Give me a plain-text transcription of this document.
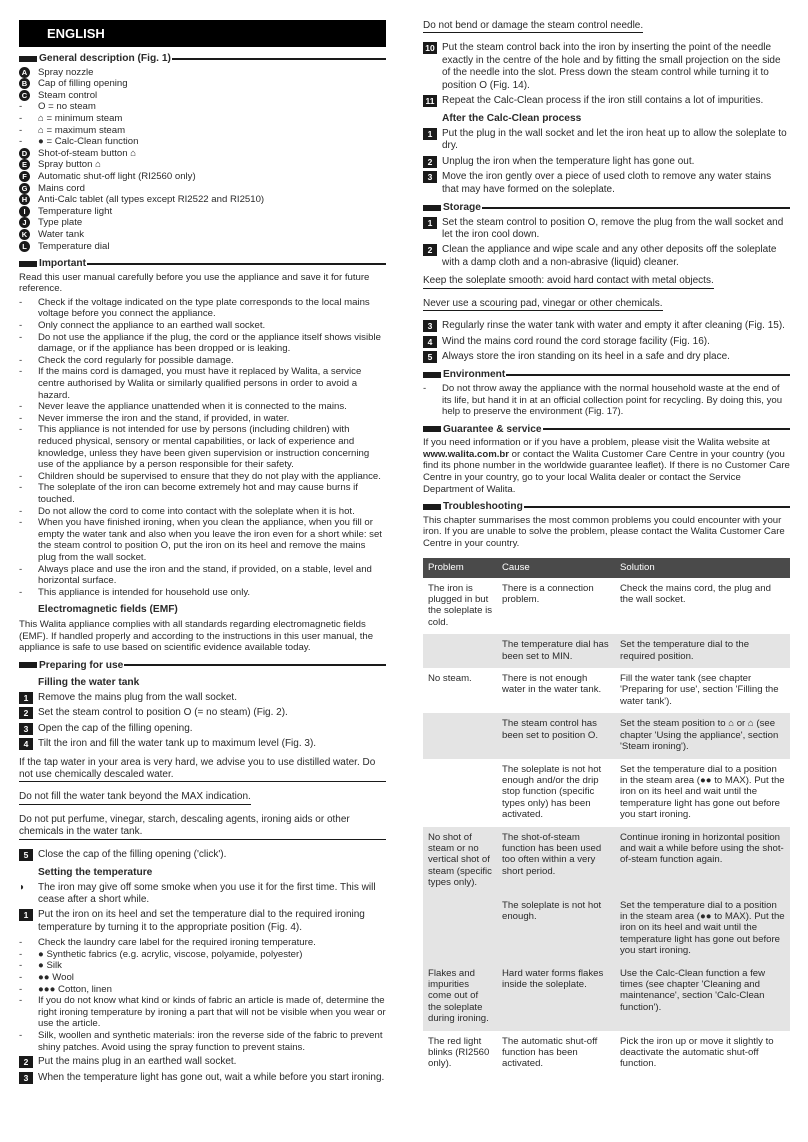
ENGLISH
General description (Fig. 1)
A	Spray nozzle
B	Cap of filling opening
C	Steam control
-	O = no steam
-	⌂ = minimum steam
-	⌂ = maximum steam
-	● = Calc-Clean function
D	Shot-of-steam button ⌂
E	Spray button ⌂
F	Automatic shut-off light (RI2560 only)
G	Mains cord
H	Anti-Calc tablet (all types except RI2522 and RI2510)
I	Temperature light
J	Type plate
K	Water tank
L	Temperature dial
Important
Read this user manual carefully before you use the appliance and save it for future reference.
-	Check if the voltage indicated on the type plate corresponds to the local mains voltage before you connect the appliance.
-	Only connect the appliance to an earthed wall socket.
-	Do not use the appliance if the plug, the cord or the appliance itself shows visible damage, or if the appliance has been dropped or is leaking.
-	Check the cord regularly for possible damage.
-	If the mains cord is damaged, you must have it replaced by Walita, a service centre authorised by Walita or similarly qualified persons in order to avoid a hazard.
-	Never leave the appliance unattended when it is connected to the mains.
-	Never immerse the iron and the stand, if provided, in water.
-	This appliance is not intended for use by persons (including children) with reduced physical, sensory or mental capabilities, or lack of experience and knowledge, unless they have been given supervision or instruction concerning use of the appliance by a person responsible for their safety.
-	Children should be supervised to ensure that they do not play with the appliance.
-	The soleplate of the iron can become extremely hot and may cause burns if touched.
-	Do not allow the cord to come into contact with the soleplate when it is hot.
-	When you have finished ironing, when you clean the appliance, when you fill or empty the water tank and also when you leave the iron even for a short while: set the steam control to position O, put the iron on its heel and remove the mains plug from the wall socket.
-	Always place and use the iron and the stand, if provided, on a stable, level and horizontal surface.
-	This appliance is intended for household use only.
Electromagnetic fields (EMF)
This Walita appliance complies with all standards regarding electromagnetic fields (EMF). If handled properly and according to the instructions in this user manual, the appliance is safe to use based on scientific evidence available today.
Preparing for use
Filling the water tank
1 Remove the mains plug from the wall socket.
2 Set the steam control to position O (= no steam) (Fig. 2).
3 Open the cap of the filling opening.
4 Tilt the iron and fill the water tank up to maximum level (Fig. 3).
If the tap water in your area is very hard, we advise you to use distilled water. Do not use chemically descaled water.
Do not fill the water tank beyond the MAX indication.
Do not put perfume, vinegar, starch, descaling agents, ironing aids or other chemicals in the water tank.
5 Close the cap of the filling opening ('click').
Setting the temperature
◗	The iron may give off some smoke when you use it for the first time. This will cease after a short while.
1 Put the iron on its heel and set the temperature dial to the required ironing temperature by turning it to the appropriate position (Fig. 4).
-	Check the laundry care label for the required ironing temperature.
-	● Synthetic fabrics (e.g. acrylic, viscose, polyamide, polyester)
-	● Silk
-	●● Wool
-	●●● Cotton, linen
-	If you do not know what kind or kinds of fabric an article is made of, determine the right ironing temperature by ironing a part that will not be visible when you wear or use the article.
-	Silk, woollen and synthetic materials: iron the reverse side of the fabric to prevent shiny patches. Avoid using the spray function to prevent stains.
2 Put the mains plug in an earthed wall socket.
3 When the temperature light has gone out, wait a while before you start ironing.
Do not bend or damage the steam control needle.
10 Put the steam control back into the iron by inserting the point of the needle exactly in the centre of the hole and by fitting the small projection on the side of the needle into the slot. Press down the steam control while turning it to position O (Fig. 14).
11 Repeat the Calc-Clean process if the iron still contains a lot of impurities.
After the Calc-Clean process
1 Put the plug in the wall socket and let the iron heat up to allow the soleplate to dry.
2 Unplug the iron when the temperature light has gone out.
3 Move the iron gently over a piece of used cloth to remove any water stains that may have formed on the soleplate.
Storage
1 Set the steam control to position O, remove the plug from the wall socket and let the iron cool down.
2 Clean the appliance and wipe scale and any other deposits off the soleplate with a damp cloth and a non-abrasive (liquid) cleaner.
Keep the soleplate smooth: avoid hard contact with metal objects.
Never use a scouring pad, vinegar or other chemicals.
3 Regularly rinse the water tank with water and empty it after cleaning (Fig. 15).
4 Wind the mains cord round the cord storage facility (Fig. 16).
5 Always store the iron standing on its heel in a safe and dry place.
Environment
-	Do not throw away the appliance with the normal household waste at the end of its life, but hand it in at an official collection point for recycling. By doing this, you help to preserve the environment (Fig. 17).
Guarantee & service
If you need information or if you have a problem, please visit the Walita website at www.walita.com.br or contact the Walita Customer Care Centre in your country (you find its phone number in the worldwide guarantee leaflet). If there is no Customer Care Centre in your country, go to your local Walita dealer or contact the Service Department of Walita.
Troubleshooting
This chapter summarises the most common problems you could encounter with your iron. If you are unable to solve the problem, please contact the Walita Customer Care Centre in your country.
Problem	Cause	Solution
The iron is plugged in but the soleplate is cold.	There is a connection problem.	Check the mains cord, the plug and the wall socket.
	The temperature dial has been set to MIN.	Set the temperature dial to the required position.
No steam.	There is not enough water in the water tank.	Fill the water tank (see chapter 'Preparing for use', section 'Filling the water tank').
	The steam control has been set to position O.	Set the steam position to ⌂ or ⌂ (see chapter 'Using the appliance', section 'Steam ironing').
	The soleplate is not hot enough and/or the drip stop function (specific types only) has been activated.	Set the temperature dial to a position in the steam area (●● to MAX). Put the iron on its heel and wait until the temperature light has gone out before you start ironing.
No shot of steam or no vertical shot of steam (specific types only).	The shot-of-steam function has been used too often within a very short period.	Continue ironing in horizontal position and wait a while before using the shot-of-steam function again.
	The soleplate is not hot enough.	Set the temperature dial to a position in the steam area (●● to MAX). Put the iron on its heel and wait until the temperature light has gone out before you start ironing.
Flakes and impurities come out of the soleplate during ironing.	Hard water forms flakes inside the soleplate.	Use the Calc-Clean function a few times (see chapter 'Cleaning and maintenance', section 'Calc-Clean function').
The red light blinks (RI2560 only).	The automatic shut-off function has been activated.	Pick the iron up or move it slightly to deactivate the automatic shut-off function.
